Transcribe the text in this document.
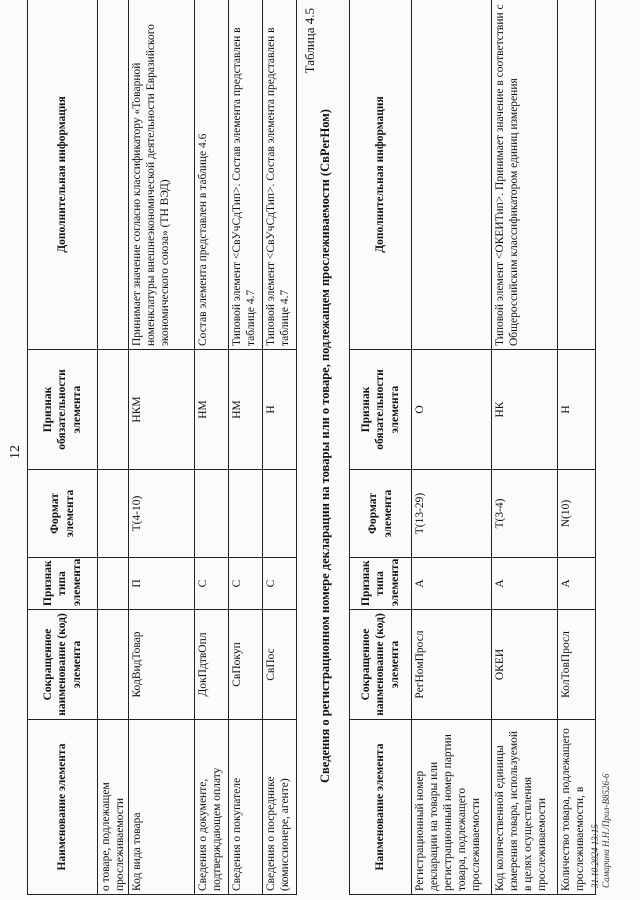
12
Наименование элемента	Сокращенное наименование (код) элемента	Признак типа элемента	Формат элемента	Признак обязательности элемента	Дополнительная информация
о товаре, подлежащем прослеживаемости					
Код вида товара	КодВидТовар	П	T(4-10)	НКМ	Принимает значение согласно классификатору «Товарной номенклатуры внешнеэкономической деятельности Евразийского экономического союза» (ТН ВЭД)
Сведения о документе, подтверждающем оплату	ДокПдтвОпл	С		НМ	Состав элемента представлен в таблице 4.6
Сведения о покупателе	СвПокуп	С		НМ	Типовой элемент <СвУчСдТип>. Состав элемента представлен в таблице 4.7
Сведения о посреднике (комиссионере, агенте)	СвПос	С		Н	Типовой элемент <СвУчСдТип>. Состав элемента представлен в таблице 4.7
Таблица 4.5
Сведения о регистрационном номере декларации на товары или о товаре, подлежащем прослеживаемости (СвРегНом)
Наименование элемента	Сокращенное наименование (код) элемента	Признак типа элемента	Формат элемента	Признак обязательности элемента	Дополнительная информация
Регистрационный номер декларации на товары или регистрационный номер партии товара, подлежащего прослеживаемости	РегНомПросл	А	T(13-29)	О	
Код количественной единицы измерения товара, используемой в целях осуществления прослеживаемости	ОКЕИ	А	T(3-4)	НК	Типовой элемент <ОКЕИТип>. Принимает значение в соответствии с Общероссийским классификатором единиц измерения
Количество товара, подлежащего прослеживаемости, в	КолТовПросл	А	N(10)	Н	
31.10.2024 13:15 Самарина Н.Н./Прил-В8526-6
